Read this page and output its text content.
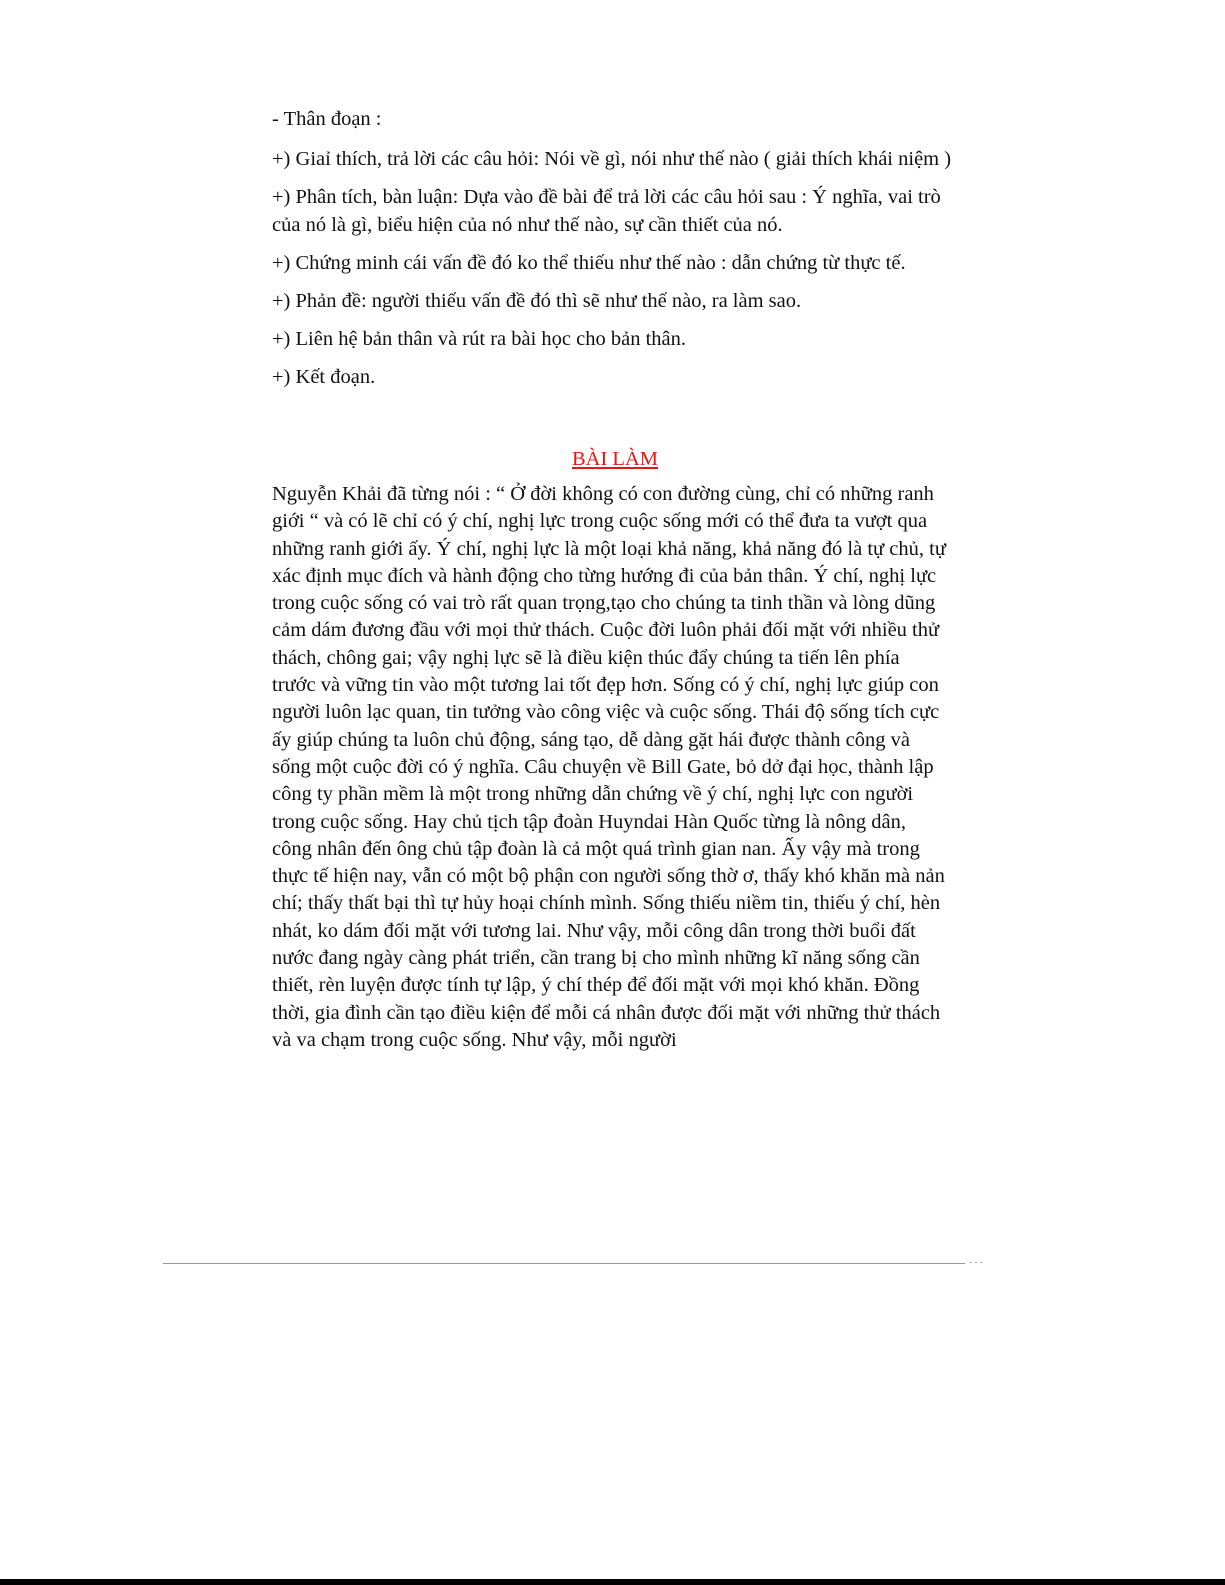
- Thân đoạn :

+) Giaỉ thích, trả lời các câu hỏi: Nói về gì, nói như thế nào ( giải thích khái niệm )

+) Phân tích, bàn luận: Dựa vào đề bài để trả lời các câu hỏi sau : Ý nghĩa, vai trò của nó là gì, biểu hiện của nó như thế nào, sự cần thiết của nó.

+) Chứng minh cái vấn đề đó ko thể thiếu như thế nào : dẫn chứng từ thực tế.

+) Phản đề: người thiếu vấn đề đó thì sẽ như thế nào, ra làm sao.

+) Liên hệ bản thân và rút ra bài học cho bản thân.

+) Kết đoạn.

BÀI LÀM

Nguyễn Khải đã từng nói : “ Ở đời không có con đường cùng, chỉ có những ranh giới “ và có lẽ chỉ có ý chí, nghị lực trong cuộc sống mới có thể đưa ta vượt qua những ranh giới ấy. Ý chí, nghị lực là một loại khả năng, khả năng đó là tự chủ, tự xác định mục đích và hành động cho từng hướng đi của bản thân. Ý chí, nghị lực trong cuộc sống có vai trò rất quan trọng,tạo cho chúng ta tinh thần và lòng dũng cảm dám đương đầu với mọi thử thách. Cuộc đời luôn phải đối mặt với nhiều thử thách, chông gai; vậy nghị lực sẽ là điều kiện thúc đẩy chúng ta tiến lên phía trước và vững tin vào một tương lai tốt đẹp hơn. Sống có ý chí, nghị lực giúp con người luôn lạc quan, tin tưởng vào công việc và cuộc sống. Thái độ sống tích cực ấy giúp chúng ta luôn chủ động, sáng tạo, dễ dàng gặt hái được thành công và sống một cuộc đời có ý nghĩa. Câu chuyện về Bill Gate, bỏ dở đại học, thành lập công ty phần mềm là một trong những dẫn chứng về ý chí, nghị lực con người trong cuộc sống. Hay chủ tịch tập đoàn Huyndai Hàn Quốc từng là nông dân, công nhân đến ông chủ tập đoàn là cả một quá trình gian nan. Ấy vậy mà trong thực tế hiện nay, vẫn có một bộ phận con người sống thờ ơ, thấy khó khăn mà nản chí; thấy thất bại thì tự hủy hoại chính mình. Sống thiếu niềm tin, thiếu ý chí, hèn nhát, ko dám đối mặt với tương lai. Như vậy, mỗi công dân trong thời buổi đất nước đang ngày càng phát triển, cần trang bị cho mình những kĩ năng sống cần thiết, rèn luyện được tính tự lập, ý chí thép để đối mặt với mọi khó khăn. Đồng thời, gia đình cần tạo điều kiện để mỗi cá nhân được đối mặt với những thử thách và va chạm trong cuộc sống. Như vậy, mỗi người
